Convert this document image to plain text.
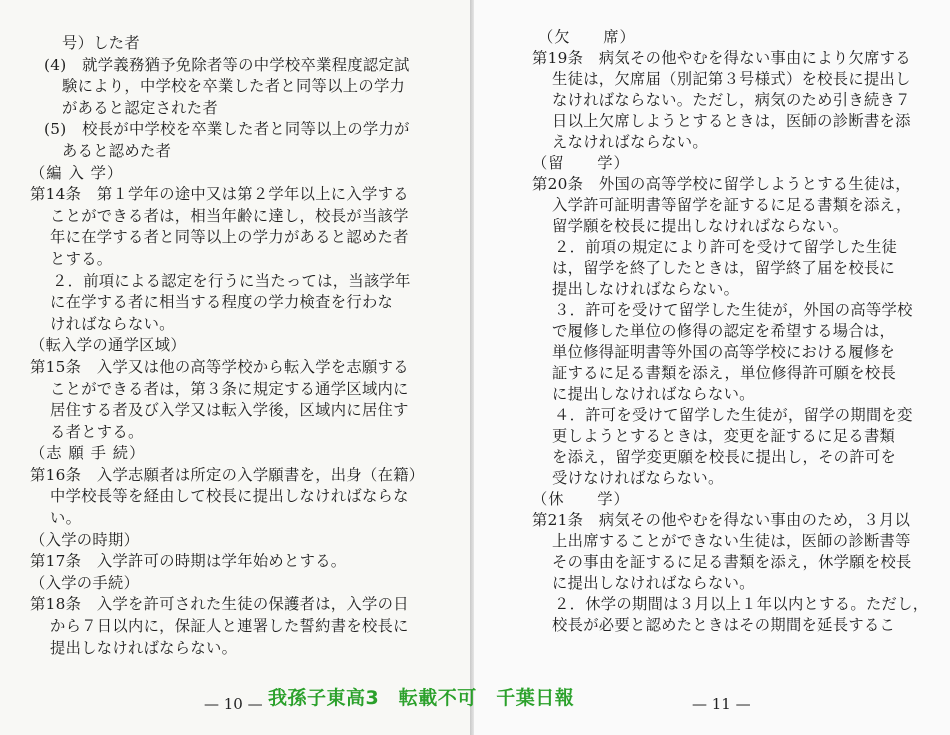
号）した者
(4)　就学義務猶予免除者等の中学校卒業程度認定試
験により，中学校を卒業した者と同等以上の学力
があると認定された者
(5)　校長が中学校を卒業した者と同等以上の学力が
あると認めた者
（編 入 学）
第14条　第１学年の途中又は第２学年以上に入学する
ことができる者は，相当年齢に達し，校長が当該学
年に在学する者と同等以上の学力があると認めた者
とする。
２．前項による認定を行うに当たっては，当該学年
に在学する者に相当する程度の学力検査を行わな
ければならない。
（転入学の通学区域）
第15条　入学又は他の高等学校から転入学を志願する
ことができる者は，第３条に規定する通学区域内に
居住する者及び入学又は転入学後，区域内に居住す
る者とする。
（志 願 手 続）
第16条　入学志願者は所定の入学願書を，出身（在籍）
中学校長等を経由して校長に提出しなければならな
い。
（入学の時期）
第17条　入学許可の時期は学年始めとする。
（入学の手続）
第18条　入学を許可された生徒の保護者は，入学の日
から７日以内に，保証人と連署した誓約書を校長に
提出しなければならない。
— 10 —
（欠　　席）
第19条　病気その他やむを得ない事由により欠席する
生徒は，欠席届（別記第３号様式）を校長に提出し
なければならない。ただし，病気のため引き続き７
日以上欠席しようとするときは，医師の診断書を添
えなければならない。
（留　　学）
第20条　外国の高等学校に留学しようとする生徒は，
入学許可証明書等留学を証するに足る書類を添え，
留学願を校長に提出しなければならない。
２．前項の規定により許可を受けて留学した生徒
は，留学を終了したときは，留学終了届を校長に
提出しなければならない。
３．許可を受けて留学した生徒が，外国の高等学校
で履修した単位の修得の認定を希望する場合は，
単位修得証明書等外国の高等学校における履修を
証するに足る書類を添え，単位修得許可願を校長
に提出しなければならない。
４．許可を受けて留学した生徒が，留学の期間を変
更しようとするときは，変更を証するに足る書類
を添え，留学変更願を校長に提出し，その許可を
受けなければならない。
（休　　学）
第21条　病気その他やむを得ない事由のため，３月以
上出席することができない生徒は，医師の診断書等
その事由を証するに足る書類を添え，休学願を校長
に提出しなければならない。
２．休学の期間は３月以上１年以内とする。ただし，
校長が必要と認めたときはその期間を延長するこ
— 11 —
我孫子東高3　転載不可　千葉日報
